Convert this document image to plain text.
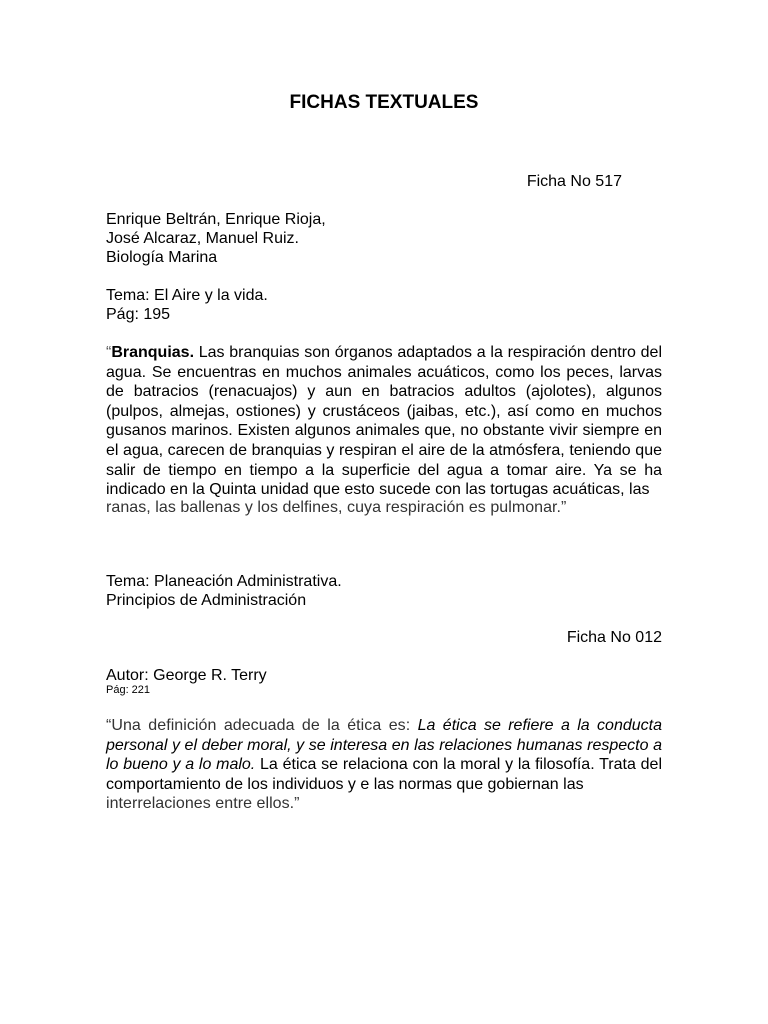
FICHAS TEXTUALES
Ficha No 517
Enrique Beltrán, Enrique Rioja,
José Alcaraz, Manuel Ruiz.
Biología Marina
Tema: El Aire y la vida.
Pág: 195

“Branquias. Las branquias son órganos adaptados a la respiración dentro del agua. Se encuentras en muchos animales acuáticos, como los peces, larvas de batracios (renacuajos) y aun en batracios adultos (ajolotes), algunos (pulpos, almejas, ostiones) y crustáceos (jaibas, etc.), así como en muchos gusanos marinos. Existen algunos animales que, no obstante vivir siempre en el agua, carecen de branquias y respiran el aire de la atmósfera, teniendo que salir de tiempo en tiempo a la superficie del agua a tomar aire. Ya se ha indicado en la Quinta unidad que esto sucede con las tortugas acuáticas, las

ranas, las ballenas y los delfines, cuya respiración es pulmonar.”
Tema: Planeación Administrativa.
Principios de Administración
Ficha No 012
Autor: George R. Terry
Pág: 221

“Una definición adecuada de la ética es: La ética se refiere a la conducta personal y el deber moral, y se interesa en las relaciones humanas respecto a lo bueno y a lo malo. La ética se relaciona con la moral y la filosofía. Trata del comportamiento de los individuos y e las normas que gobiernan las

interrelaciones entre ellos.”
